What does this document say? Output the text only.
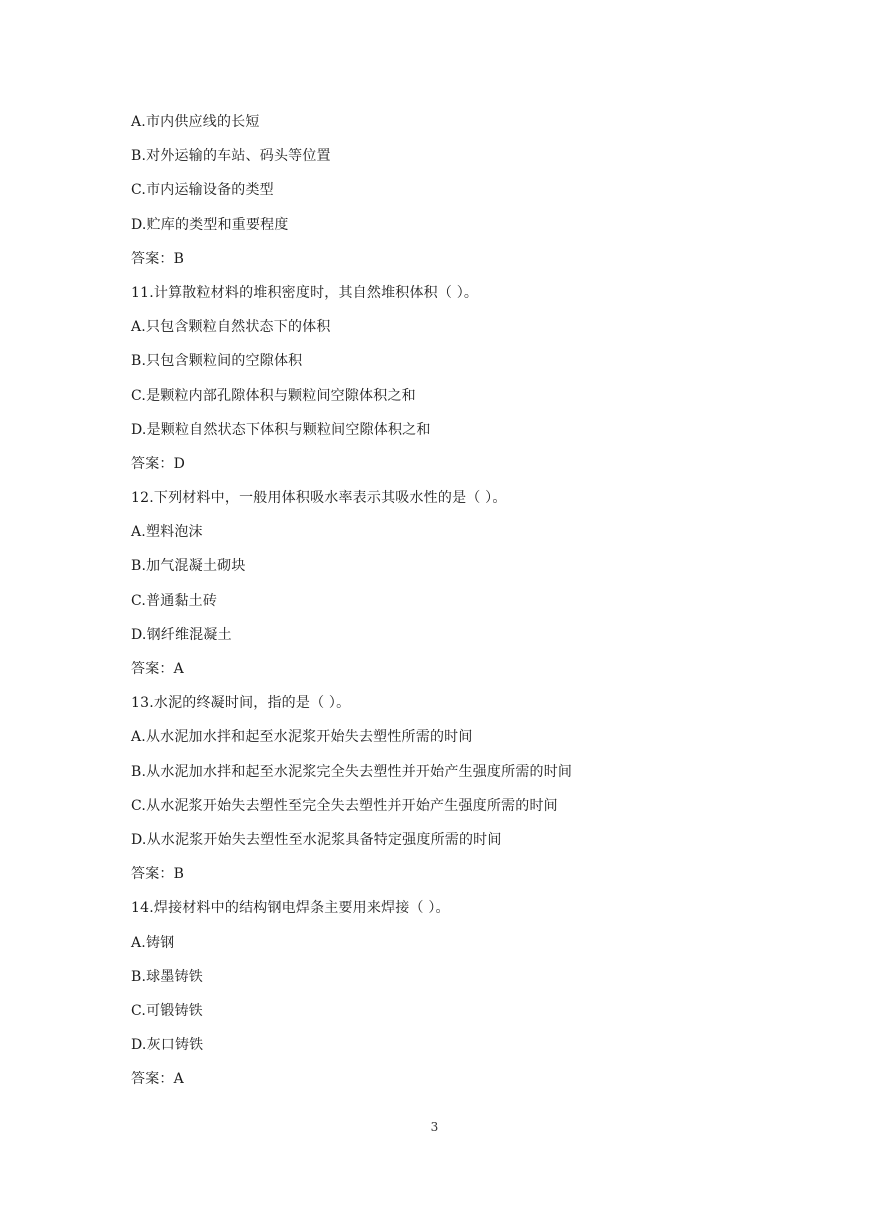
A.市内供应线的长短
B.对外运输的车站、码头等位置
C.市内运输设备的类型
D.贮库的类型和重要程度
答案：B
11.计算散粒材料的堆积密度时，其自然堆积体积（ ）。
A.只包含颗粒自然状态下的体积
B.只包含颗粒间的空隙体积
C.是颗粒内部孔隙体积与颗粒间空隙体积之和
D.是颗粒自然状态下体积与颗粒间空隙体积之和
答案：D
12.下列材料中，一般用体积吸水率表示其吸水性的是（ ）。
A.塑料泡沫
B.加气混凝土砌块
C.普通黏土砖
D.钢纤维混凝土
答案：A
13.水泥的终凝时间，指的是（ ）。
A.从水泥加水拌和起至水泥浆开始失去塑性所需的时间
B.从水泥加水拌和起至水泥浆完全失去塑性并开始产生强度所需的时间
C.从水泥浆开始失去塑性至完全失去塑性并开始产生强度所需的时间
D.从水泥浆开始失去塑性至水泥浆具备特定强度所需的时间
答案：B
14.焊接材料中的结构钢电焊条主要用来焊接（ ）。
A.铸钢
B.球墨铸铁
C.可锻铸铁
D.灰口铸铁
答案：A
3
